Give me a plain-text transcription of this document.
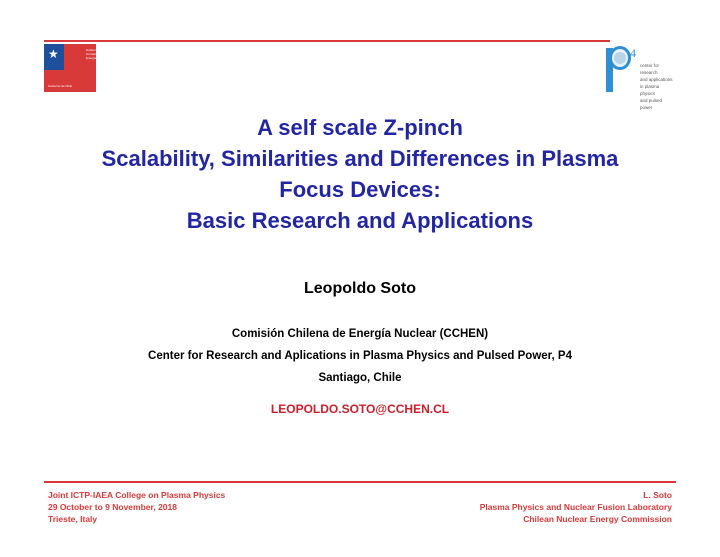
★	Gobierno de Chile Comisión Chilena de Energía Nuclear
Gobierno de Chile
4
center for research
and applications
in plasma physics
and pulsed power
A self scale Z-pinch
Scalability, Similarities and Differences in Plasma
Focus Devices:
Basic Research and Applications
Leopoldo Soto
Comisión Chilena de Energía Nuclear (CCHEN)
Center for Research and Aplications in Plasma Physics and Pulsed Power, P4
Santiago, Chile
LEOPOLDO.SOTO@CCHEN.CL
Joint ICTP-IAEA College on Plasma Physics
29 October to 9 November, 2018
Trieste, Italy
L. Soto
Plasma Physics and Nuclear Fusion Laboratory
Chilean Nuclear Energy Commission
